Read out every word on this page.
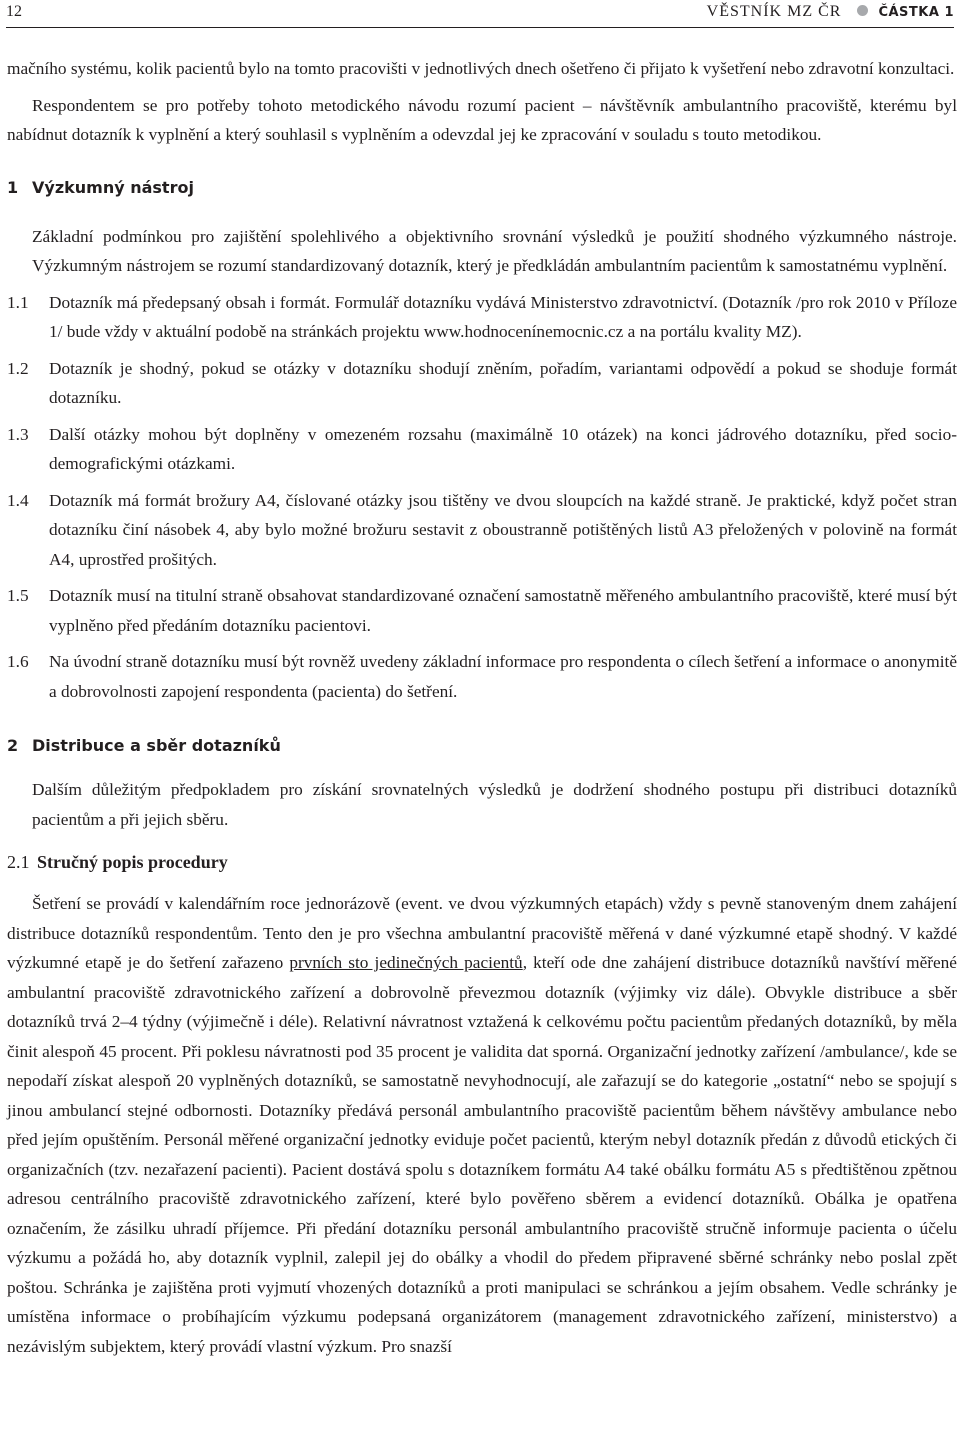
12	VĚSTNÍK MZ ČR	ČÁSTKA 1

mačního systému, kolik pacientů bylo na tomto pracovišti v jednotlivých dnech ošetřeno či přijato k vyšetření nebo zdravotní konzultaci.

Respondentem se pro potřeby tohoto metodického návodu rozumí pacient – návštěvník ambulantního pracoviště, kterému byl nabídnut dotazník k vyplnění a který souhlasil s vyplněním a odevzdal jej ke zpracování v souladu s touto metodikou.

1 Výzkumný nástroj

Základní podmínkou pro zajištění spolehlivého a objektivního srovnání výsledků je použití shodného výzkumného nástroje. Výzkumným nástrojem se rozumí standardizovaný dotazník, který je předkládán ambulantním pacientům k samostatnému vyplnění.

1.1 Dotazník má předepsaný obsah i formát. Formulář dotazníku vydává Ministerstvo zdravotnictví. (Dotazník /pro rok 2010 v Příloze 1/ bude vždy v aktuální podobě na stránkách projektu www.hodnocenínemocnic.cz a na portálu kvality MZ).
1.2 Dotazník je shodný, pokud se otázky v dotazníku shodují zněním, pořadím, variantami odpovědí a pokud se shoduje formát dotazníku.
1.3 Další otázky mohou být doplněny v omezeném rozsahu (maximálně 10 otázek) na konci jádrového dotazníku, před socio-demografickými otázkami.
1.4 Dotazník má formát brožury A4, číslované otázky jsou tištěny ve dvou sloupcích na každé straně. Je praktické, když počet stran dotazníku činí násobek 4, aby bylo možné brožuru sestavit z oboustranně potištěných listů A3 přeložených v polovině na formát A4, uprostřed prošitých.
1.5 Dotazník musí na titulní straně obsahovat standardizované označení samostatně měřeného ambulantního pracoviště, které musí být vyplněno před předáním dotazníku pacientovi.
1.6 Na úvodní straně dotazníku musí být rovněž uvedeny základní informace pro respondenta o cílech šetření a informace o anonymitě a dobrovolnosti zapojení respondenta (pacienta) do šetření.
2 Distribuce a sběr dotazníků

Dalším důležitým předpokladem pro získání srovnatelných výsledků je dodržení shodného postupu při distribuci dotazníků pacientům a při jejich sběru.

2.1 Stručný popis procedury

Šetření se provádí v kalendářním roce jednorázově (event. ve dvou výzkumných etapách) vždy s pevně stanoveným dnem zahájení distribuce dotazníků respondentům. Tento den je pro všechna ambulantní pracoviště měřená v dané výzkumné etapě shodný. V každé výzkumné etapě je do šetření zařazeno prvních sto jedinečných pacientů, kteří ode dne zahájení distribuce dotazníků navštíví měřené ambulantní pracoviště zdravotnického zařízení a dobrovolně převezmou dotazník (výjimky viz dále). Obvykle distribuce a sběr dotazníků trvá 2–4 týdny (výjimečně i déle). Relativní návratnost vztažená k celkovému počtu pacientům předaných dotazníků, by měla činit alespoň 45 procent. Při poklesu návratnosti pod 35 procent je validita dat sporná. Organizační jednotky zařízení /ambulance/, kde se nepodaří získat alespoň 20 vyplněných dotazníků, se samostatně nevyhodnocují, ale zařazují se do kategorie „ostatní“ nebo se spojují s jinou ambulancí stejné odbornosti. Dotazníky předává personál ambulantního pracoviště pacientům během návštěvy ambulance nebo před jejím opuštěním. Personál měřené organizační jednotky eviduje počet pacientů, kterým nebyl dotazník předán z důvodů etických či organizačních (tzv. nezařazení pacienti). Pacient dostává spolu s dotazníkem formátu A4 také obálku formátu A5 s předtištěnou zpětnou adresou centrálního pracoviště zdravotnického zařízení, které bylo pověřeno sběrem a evidencí dotazníků. Obálka je opatřena označením, že zásilku uhradí příjemce. Při předání dotazníku personál ambulantního pracoviště stručně informuje pacienta o účelu výzkumu a požádá ho, aby dotazník vyplnil, zalepil jej do obálky a vhodil do předem připravené sběrné schránky nebo poslal zpět poštou. Schránka je zajištěna proti vyjmutí vhozených dotazníků a proti manipulaci se schránkou a jejím obsahem. Vedle schránky je umístěna informace o probíhajícím výzkumu podepsaná organizátorem (management zdravotnického zařízení, ministerstvo) a nezávislým subjektem, který provádí vlastní výzkum. Pro snazší
